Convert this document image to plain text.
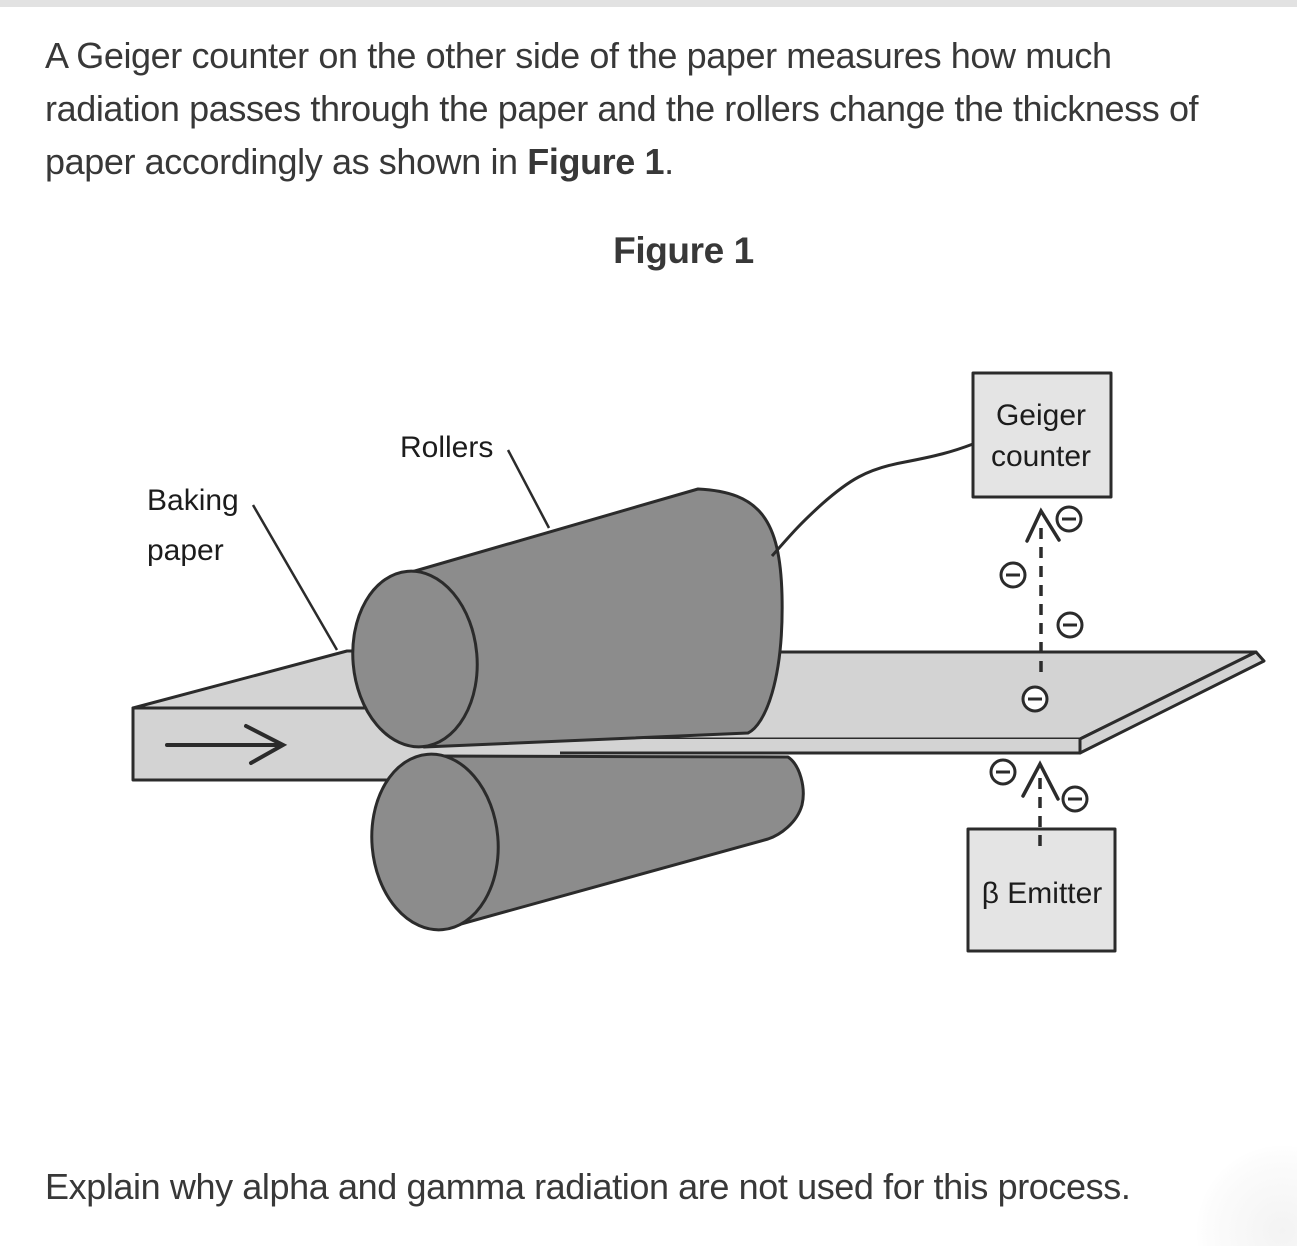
A Geiger counter on the other side of the paper measures how much
radiation passes through the paper and the rollers change the thickness of
paper accordingly as shown in Figure 1.
Figure 1
Geiger
counter
β Emitter
Baking
paper
Rollers
Explain why alpha and gamma radiation are not used for this process.
